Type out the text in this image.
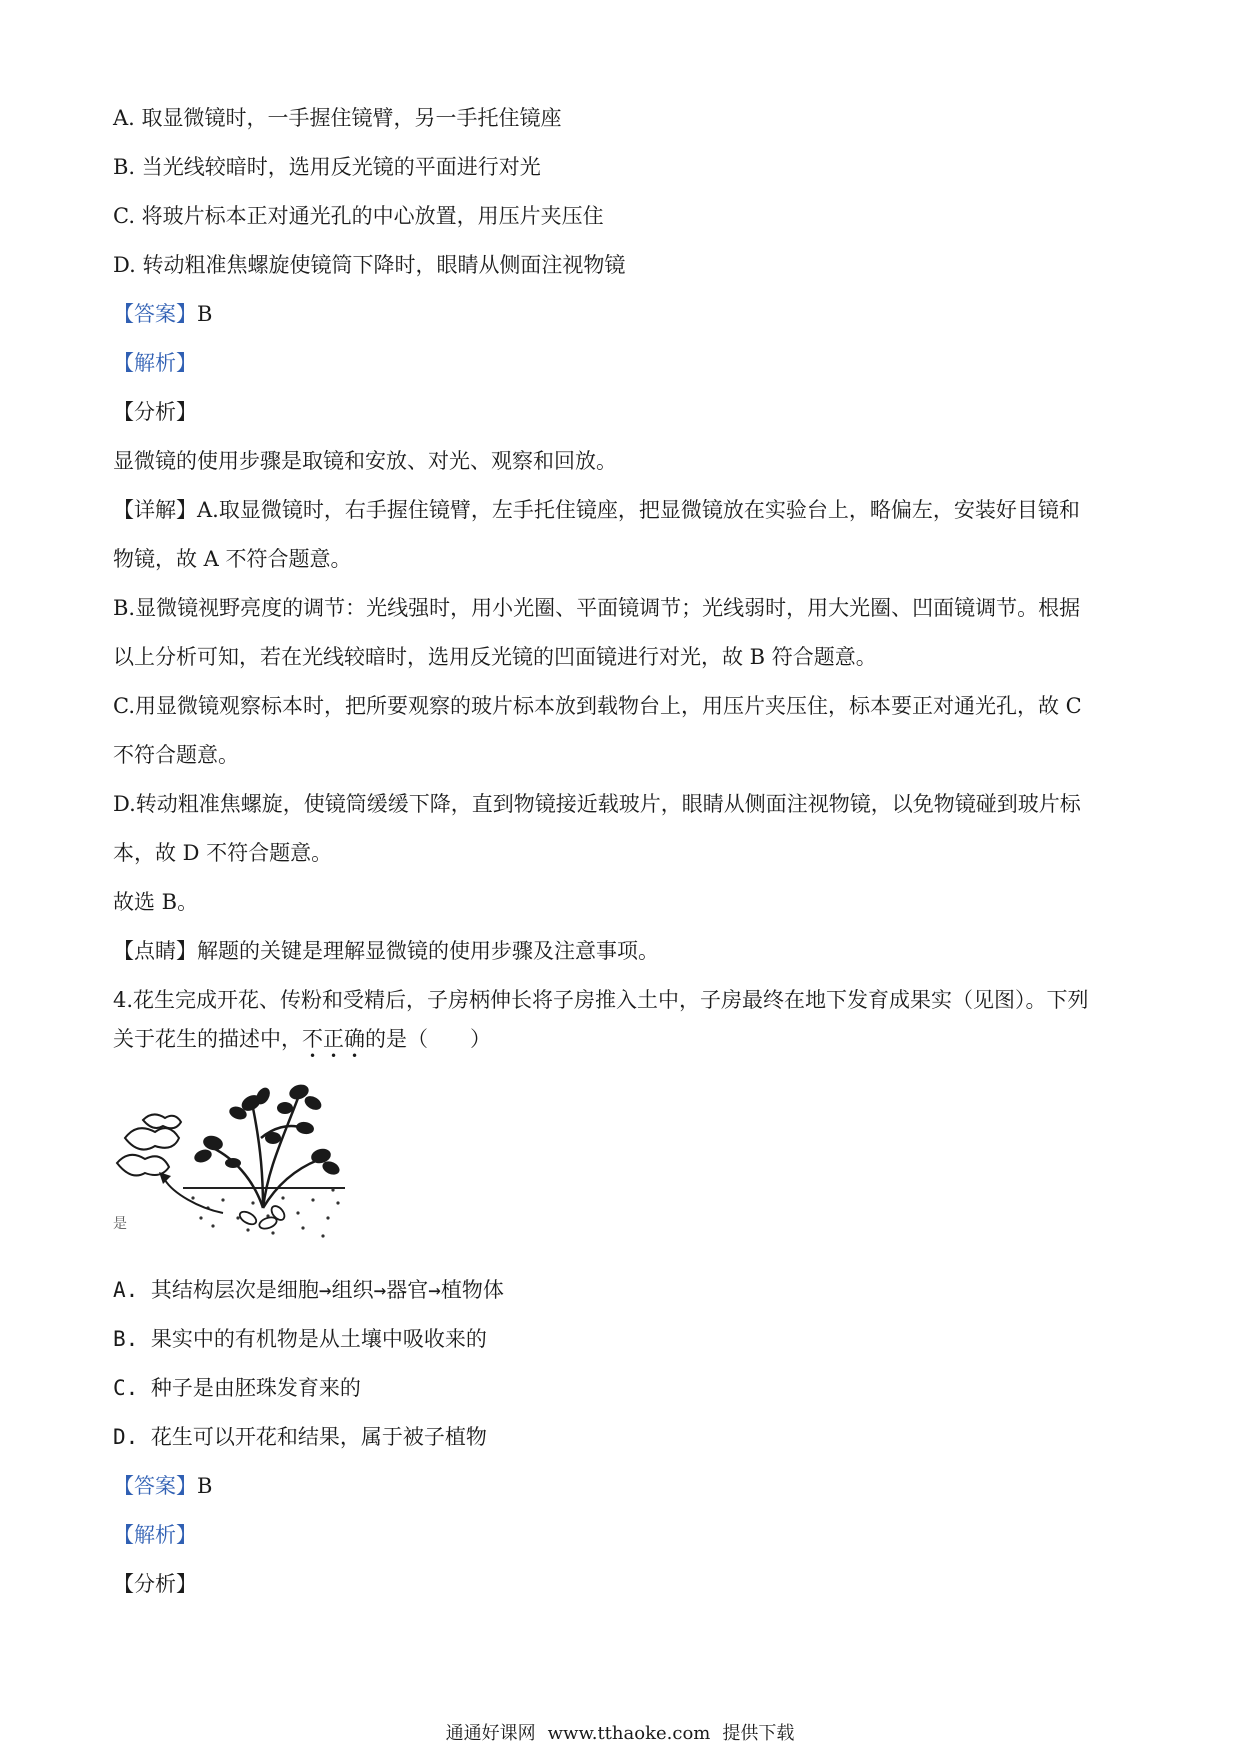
A. 取显微镜时，一手握住镜臂，另一手托住镜座
B. 当光线较暗时，选用反光镜的平面进行对光
C. 将玻片标本正对通光孔的中心放置，用压片夹压住
D. 转动粗准焦螺旋使镜筒下降时，眼睛从侧面注视物镜
【答案】B
【解析】
【分析】
显微镜的使用步骤是取镜和安放、对光、观察和回放。
【详解】A.取显微镜时，右手握住镜臂，左手托住镜座，把显微镜放在实验台上，略偏左，安装好目镜和
物镜，故 A 不符合题意。
B.显微镜视野亮度的调节：光线强时，用小光圈、平面镜调节；光线弱时，用大光圈、凹面镜调节。根据
以上分析可知，若在光线较暗时，选用反光镜的凹面镜进行对光，故 B 符合题意。
C.用显微镜观察标本时，把所要观察的玻片标本放到载物台上，用压片夹压住，标本要正对通光孔，故 C
不符合题意。
D.转动粗准焦螺旋，使镜筒缓缓下降，直到物镜接近载玻片，眼睛从侧面注视物镜，以免物镜碰到玻片标
本，故 D 不符合题意。
故选 B。
【点睛】解题的关键是理解显微镜的使用步骤及注意事项。
4.花生完成开花、传粉和受精后，子房柄伸长将子房推入土中，子房最终在地下发育成果实（见图）。下列
关于花生的描述中，不
•
正
•
确
•
的是（　　）
是
A. 其结构层次是细胞→组织→器官→植物体
B. 果实中的有机物是从土壤中吸收来的
C. 种子是由胚珠发育来的
D. 花生可以开花和结果，属于被子植物
【答案】B
【解析】
【分析】
通通好课网 www.tthaoke.com 提供下载
